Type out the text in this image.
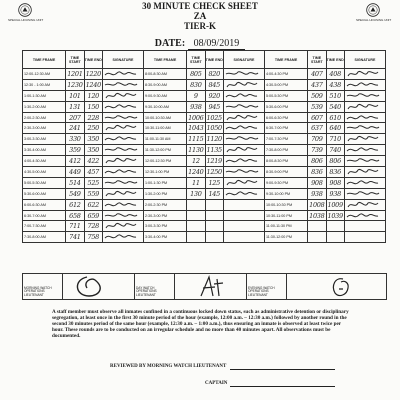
SPECIAL HOUSING UNIT	SPECIAL HOUSING UNIT
30 MINUTE CHECK SHEET
ZA
TIER-K
DATE: 08/09/2019
TIME FRAME	TIME START	TIME END	SIGNATURE	TIME FRAME	TIME START	TIME END	SIGNATURE	TIME FRAME	TIME START	TIME END	SIGNATURE
12:00-12:30 AM	1201	1220		8:00-8:30 AM	805	820		4:00-4:30 PM	407	408	

12:30 - 1:00 AM	1230	1240		8:30-9:00 AM	830	845		4:30-5:00 PM	437	438	

1:00-1:30 AM	101	120		9:00-9:30 AM	9	920		5:00-5:30 PM	509	510	

1:30-2:00 AM	131	150		9:30-10:00 AM	938	945		5:30-6:00 PM	539	540	

2:00-2:30 AM	207	228		10:00-10:30 AM	1006	1025		6:00-6:30 PM	607	610	

2:30-3:00 AM	241	250		10:30-11:00 AM	1043	1050		6:30-7:00 PM	637	640	

3:00-3:30 AM	330	350		11:00-11:30 AM	1115	1120		7:00-7:30 PM	709	710	

3:30-4:00 AM	359	350		11:30-12:00 PM	1130	1135		7:30-8:00 PM	739	740	

4:00-4:30 AM	412	422		12:00-12:30 PM	12	1219		8:00-8:30 PM	806	806	

4:30-5:00 AM	449	457		12:30-1:00 PM	1240	1250		8:30-9:00 PM	836	836	

5:00-5:30 AM	514	525		1:00-1:30 PM	11	125		9:00-9:30 PM	908	908	

5:30-6:00 AM	549	559		1:30-2:00 PM	130	145		9:30-10:00 PM	938	938	

6:00-6:30 AM	612	622		2:00-2:30 PM				10:00-10:30 PM	1008	1009	

6:30-7:00 AM	658	659		2:30-3:00 PM				10:30-11:00 PM	1038	1039	

7:00-7:30 AM	711	728		3:00-3:30 PM				11:00-11:30 PM			
7:30-8:00 AM	741	758		3:30-4:00 PM				11:30-12:00 PM			
MORNING WATCH OPERATIONS LIEUTENANT	
	DAY WATCH OPERATIONS LIEUTENANT	
	EVENING WATCH OPERATIONS LIEUTENANT	
A staff member must observe all inmates confined in a continuous locked down status, such as administrative detention or disciplinary segregation, at least once in the first 30 minute period of the hour (example, 12:00 a.m. – 12:30 a.m.) followed by another round in the second 30 minutes period of the same hour (example, 12:30 a.m. – 1:00 a.m.), thus ensuring an inmate is observed at least twice per hour. These rounds are to be conducted on an irregular schedule and no more than 40 minutes apart. All observations must be documented.
REVIEWED BY MORNING WATCH LIEUTENANT
CAPTAIN
